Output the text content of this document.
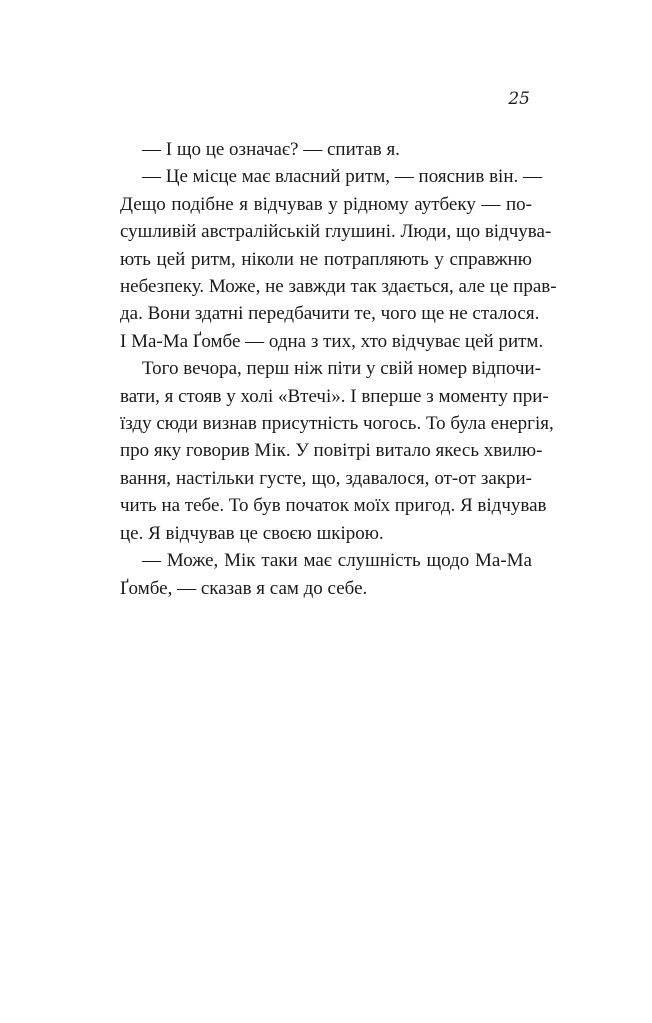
25
— І що це означає? — спитав я.
— Це місце має власний ритм, — пояснив він. —
Дещо подібне я відчував у рідному аутбеку — по-
сушливій австралійській глушині. Люди, що відчува-
ють цей ритм, ніколи не потрапляють у справжню
небезпеку. Може, не завжди так здається, але це прав-
да. Вони здатні передбачити те, чого ще не сталося.
І Ма-Ма Ґомбе — одна з тих, хто відчуває цей ритм.
Того вечора, перш ніж піти у свій номер відпочи-
вати, я стояв у холі «Втечі». І вперше з моменту при-
їзду сюди визнав присутність чогось. То була енергія,
про яку говорив Мік. У повітрі витало якесь хвилю-
вання, настільки густе, що, здавалося, от-от закри-
чить на тебе. То був початок моїх пригод. Я відчував
це. Я відчував це своєю шкірою.
— Може, Мік таки має слушність щодо Ма-Ма
Ґомбе, — сказав я сам до себе.
